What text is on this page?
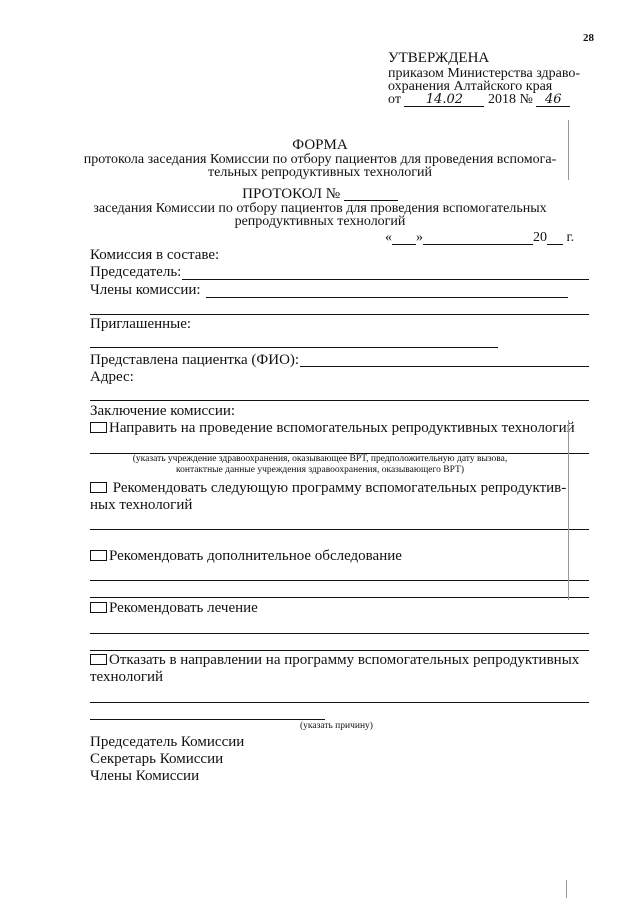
28
УТВЕРЖДЕНА
приказом Министерства здраво-
охранения Алтайского края
от 14.02 2018 № 46
ФОРМА
протокола заседания Комиссии по отбору пациентов для проведения вспомога-
тельных репродуктивных технологий
ПРОТОКОЛ №
заседания Комиссии по отбору пациентов для проведения вспомогательных
репродуктивных технологий
« »	20 г.
Комиссия в составе:
Председатель:
Члены комиссии:
Приглашенные:
Представлена пациентка (ФИО):
Адрес:
Заключение комиссии:
Направить на проведение вспомогательных репродуктивных технологий
(указать учреждение здравоохранения, оказывающее ВРТ, предположительную дату вызова,
контактные данные учреждения здравоохранения, оказывающего ВРТ)
Рекомендовать следующую программу вспомогательных репродуктив-
ных технологий
Рекомендовать дополнительное обследование
Рекомендовать лечение
Отказать в направлении на программу вспомогательных репродуктивных
технологий
(указать причину)
Председатель Комиссии
Секретарь Комиссии
Члены Комиссии
